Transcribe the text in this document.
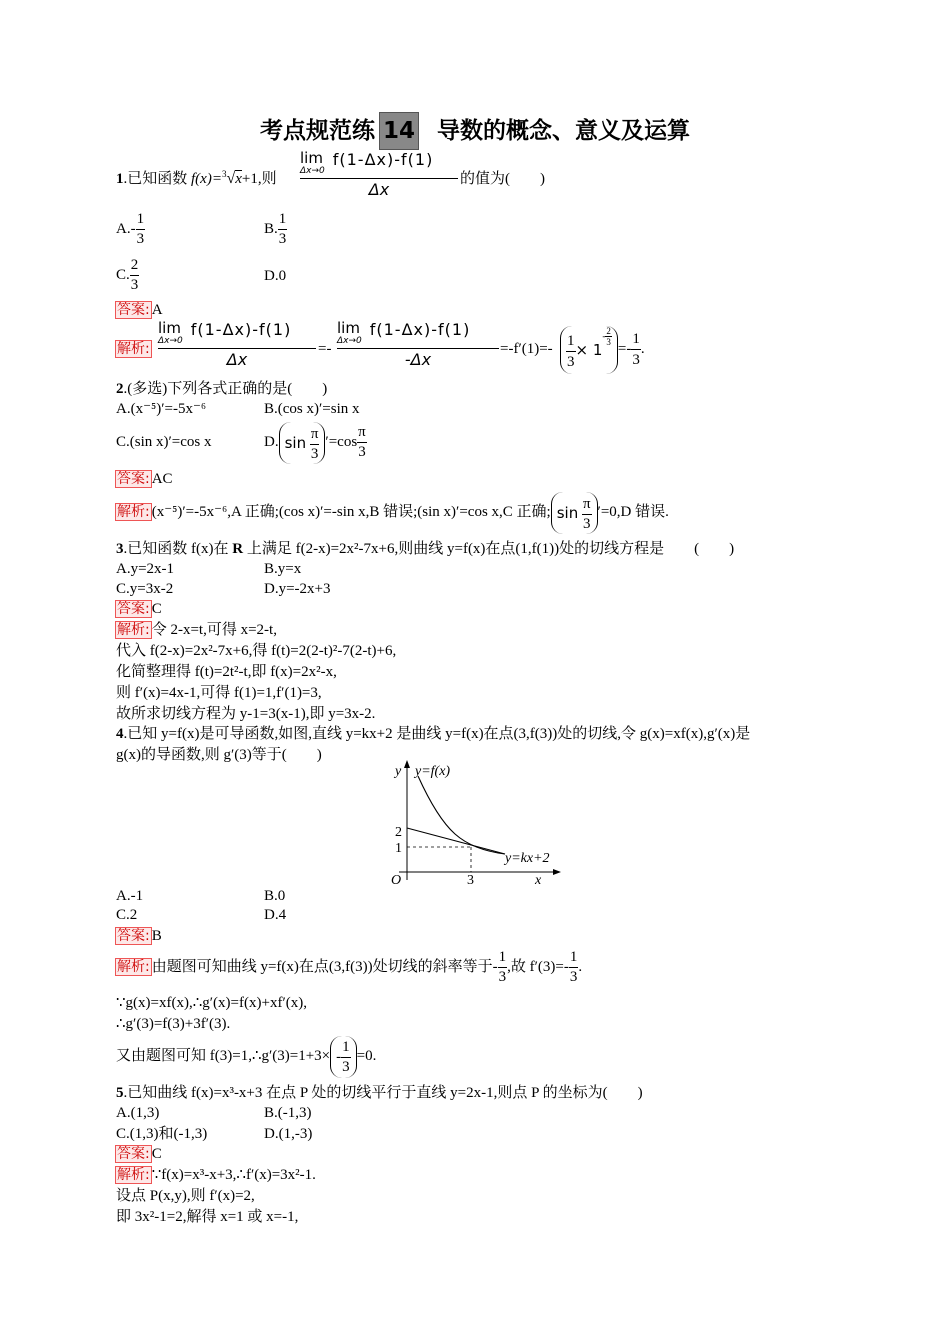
考点规范练 14 导数的概念、意义及运算
1.已知函数 f(x)=$^3$√x+1,则
lim
Δx→0
f(1-Δx)-f(1)
Δx
的值为(　　)
$A.- \frac{1}{3}$	B. $\frac{1}{3}$
C. $\frac{2}{3}$	D.0
答案: A
解析:
lim
Δx→0
f(1-Δx)-f(1)
Δx
=-
lim
Δx→0
f(1-Δx)-f(1)
-Δx
$=-f'(1)=- \frac{1}{3} \times 1^{- \frac{2}{3}}$
=- $\frac{1}{3}$ .
2.(多选)下列各式正确的是(　　)
A.(x⁻⁵)′=-5x⁻⁶	B.(cos x)′=sin x
C.(sin x)′=cos x	D. $\sin \frac{\pi}{3} '=\cos \frac{\pi}{3}$
答案: AC
解析: (x⁻⁵)′=-5x⁻⁶,A 正确;(cos x)′=-sin x,B 错误;(sin x)′=cos x,C 正确; $\sin \frac{\pi}{3} '=0,D$ 错误.
3.已知函数 f(x)在 R 上满足 f(2-x)=2x²-7x+6,则曲线 y=f(x)在点(1,f(1))处的切线方程是　　(　　)
A.y=2x-1	B.y=x
C.y=3x-2	D.y=-2x+3
答案: C
解析: 令 2-x=t,可得 x=2-t,
代入 f(2-x)=2x²-7x+6,得 f(t)=2(2-t)²-7(2-t)+6,
化简整理得 f(t)=2t²-t,即 f(x)=2x²-x,
则 f′(x)=4x-1,可得 f(1)=1,f′(1)=3,
故所求切线方程为 y-1=3(x-1),即 y=3x-2.
4.已知 y=f(x)是可导函数,如图,直线 y=kx+2 是曲线 y=f(x)在点(3,f(3))处的切线,令 g(x)=xf(x),g′(x)是
g(x)的导函数,则 g′(3)等于(　　)
y y=f(x)
2
1
O	3	x
y=kx+2
A.-1	B.0
C.2	D.4
答案: B
解析: 由题图可知曲线 y=f(x)在点(3,f(3))处切线的斜率等于- $\frac{1}{3}$ ,故 $f'(3)=- \frac{1}{3}$ .
∵g(x)=xf(x),∴g′(x)=f(x)+xf′(x),
∴g′(3)=f(3)+3f′(3).
又由题图可知 f(3)=1,∴g′(3)=1+3× - $\frac{1}{3} =0$.
5.已知曲线 f(x)=x³-x+3 在点 P 处的切线平行于直线 y=2x-1,则点 P 的坐标为(　　)
A.(1,3)	B.(-1,3)
C.(1,3)和(-1,3)	D.(1,-3)
答案: C
解析: ∵f(x)=x³-x+3,∴f′(x)=3x²-1.
设点 P(x,y),则 f′(x)=2,
即 3x²-1=2,解得 x=1 或 x=-1,
